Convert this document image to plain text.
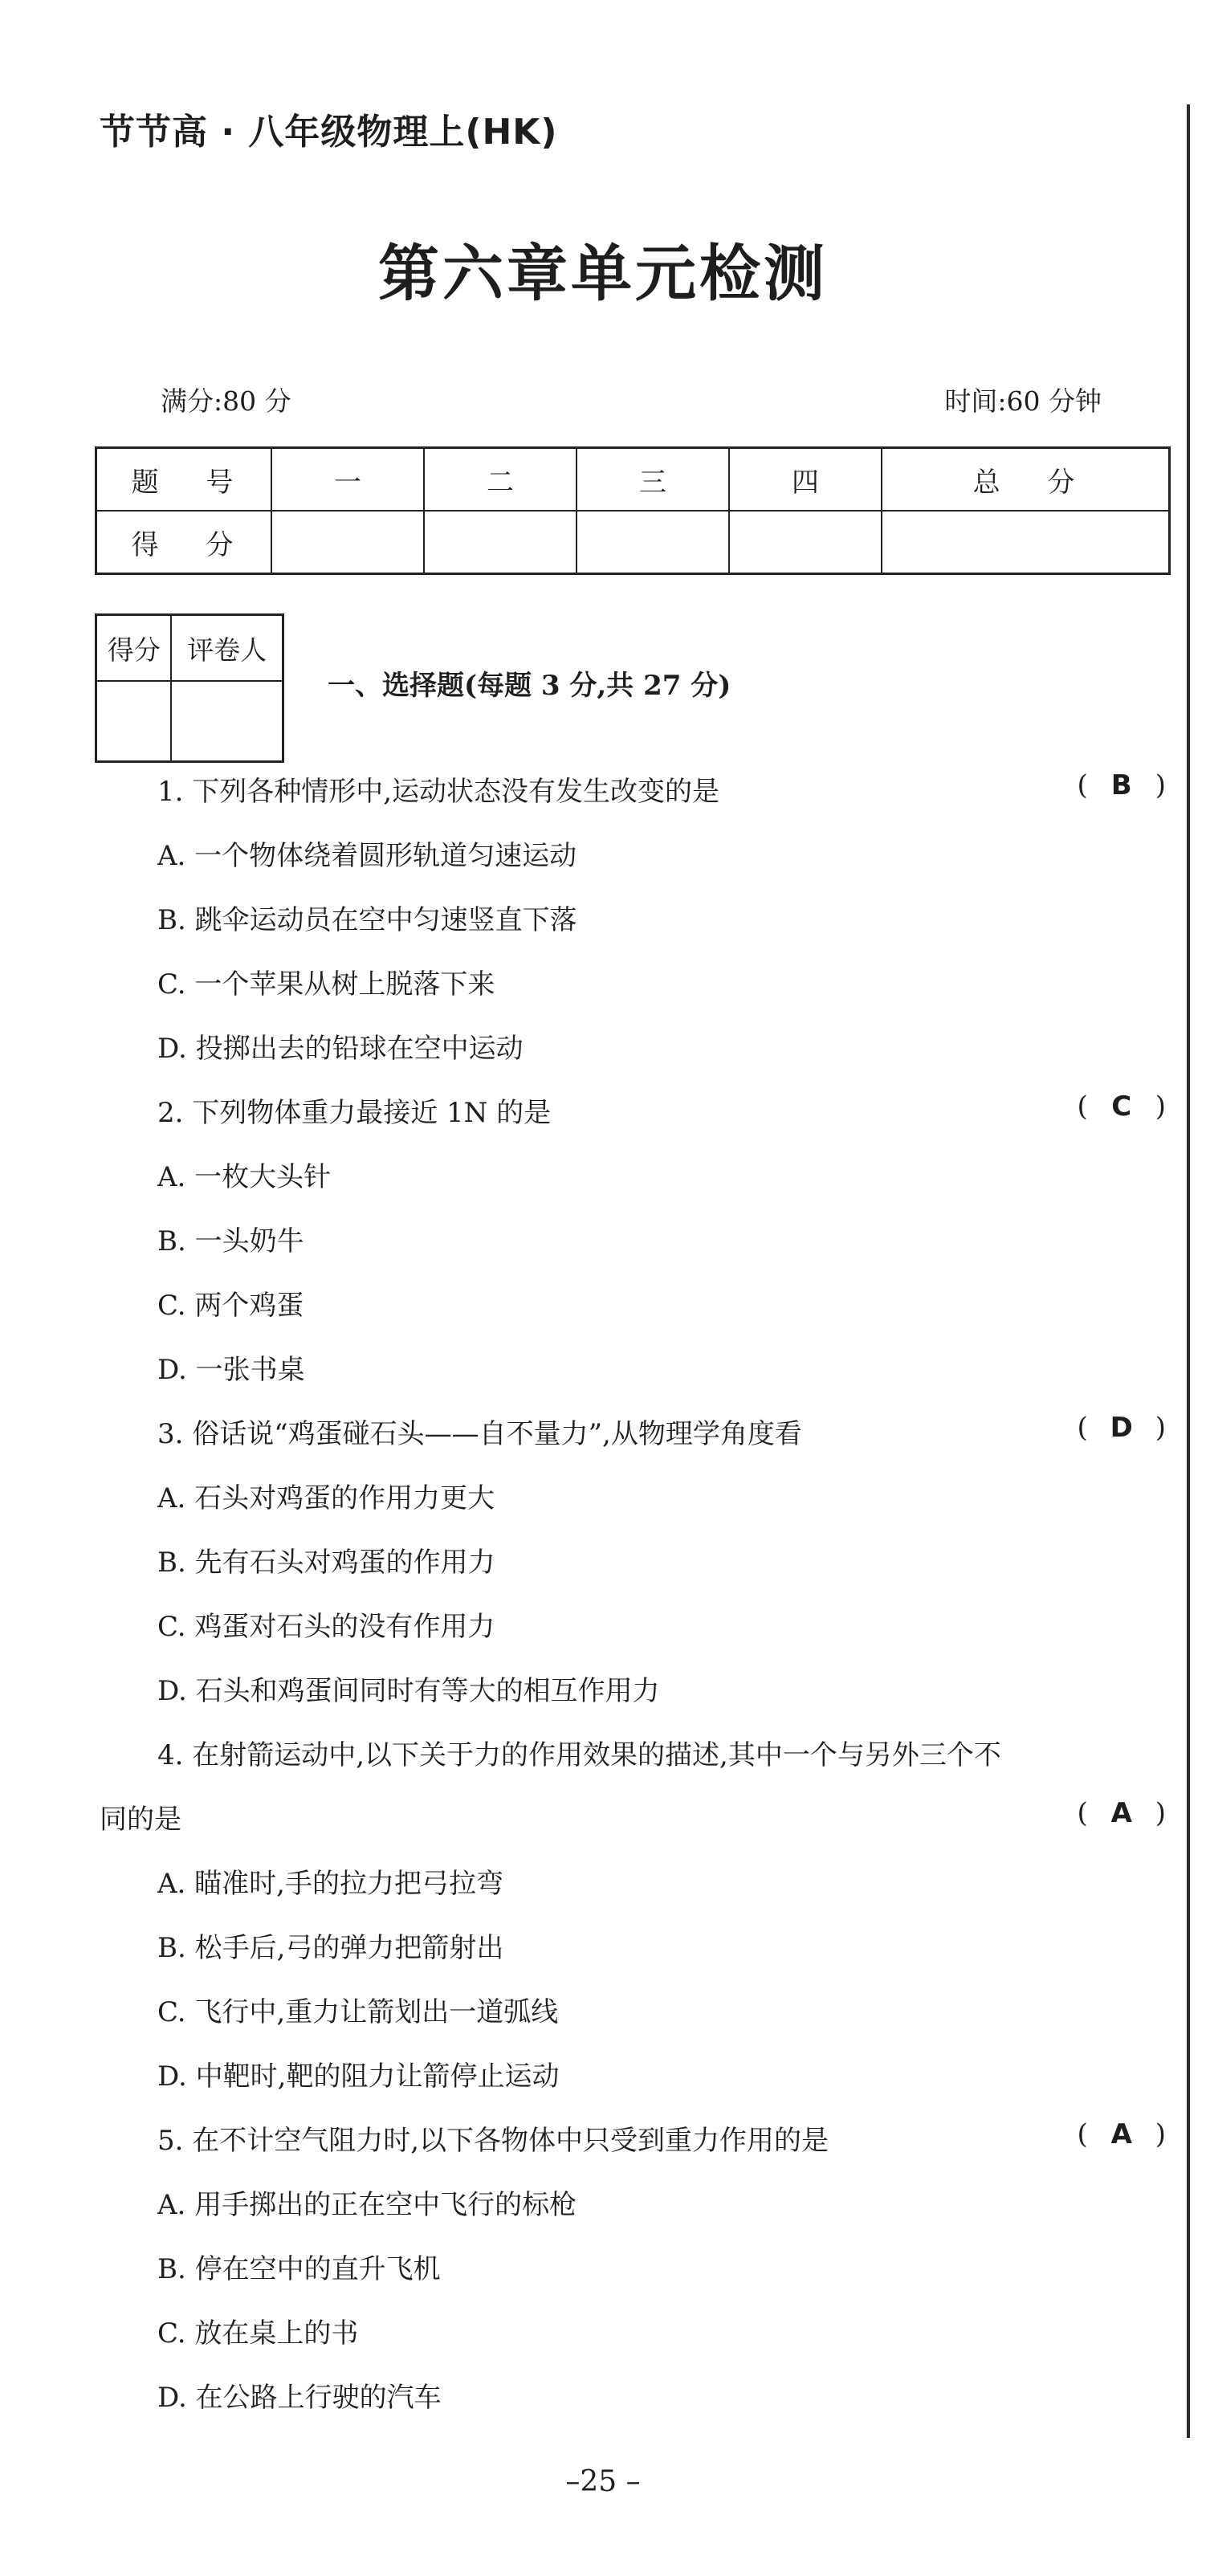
节节高 · 八年级物理上(HK)
第六章单元检测
满分:80 分	时间:60 分钟
题 号	一	二	三	四	总 分
得 分					
得分	评卷人

一、选择题(每题 3 分,共 27 分)
1. 下列各种情形中,运动状态没有发生改变的是	( B )
A. 一个物体绕着圆形轨道匀速运动
B. 跳伞运动员在空中匀速竖直下落
C. 一个苹果从树上脱落下来
D. 投掷出去的铅球在空中运动
2. 下列物体重力最接近 1N 的是	( C )
A. 一枚大头针
B. 一头奶牛
C. 两个鸡蛋
D. 一张书桌
3. 俗话说“鸡蛋碰石头——自不量力”,从物理学角度看	( D )
A. 石头对鸡蛋的作用力更大
B. 先有石头对鸡蛋的作用力
C. 鸡蛋对石头的没有作用力
D. 石头和鸡蛋间同时有等大的相互作用力
4. 在射箭运动中,以下关于力的作用效果的描述,其中一个与另外三个不
同的是	( A )
A. 瞄准时,手的拉力把弓拉弯
B. 松手后,弓的弹力把箭射出
C. 飞行中,重力让箭划出一道弧线
D. 中靶时,靶的阻力让箭停止运动
5. 在不计空气阻力时,以下各物体中只受到重力作用的是	( A )
A. 用手掷出的正在空中飞行的标枪
B. 停在空中的直升飞机
C. 放在桌上的书
D. 在公路上行驶的汽车
–25 –
